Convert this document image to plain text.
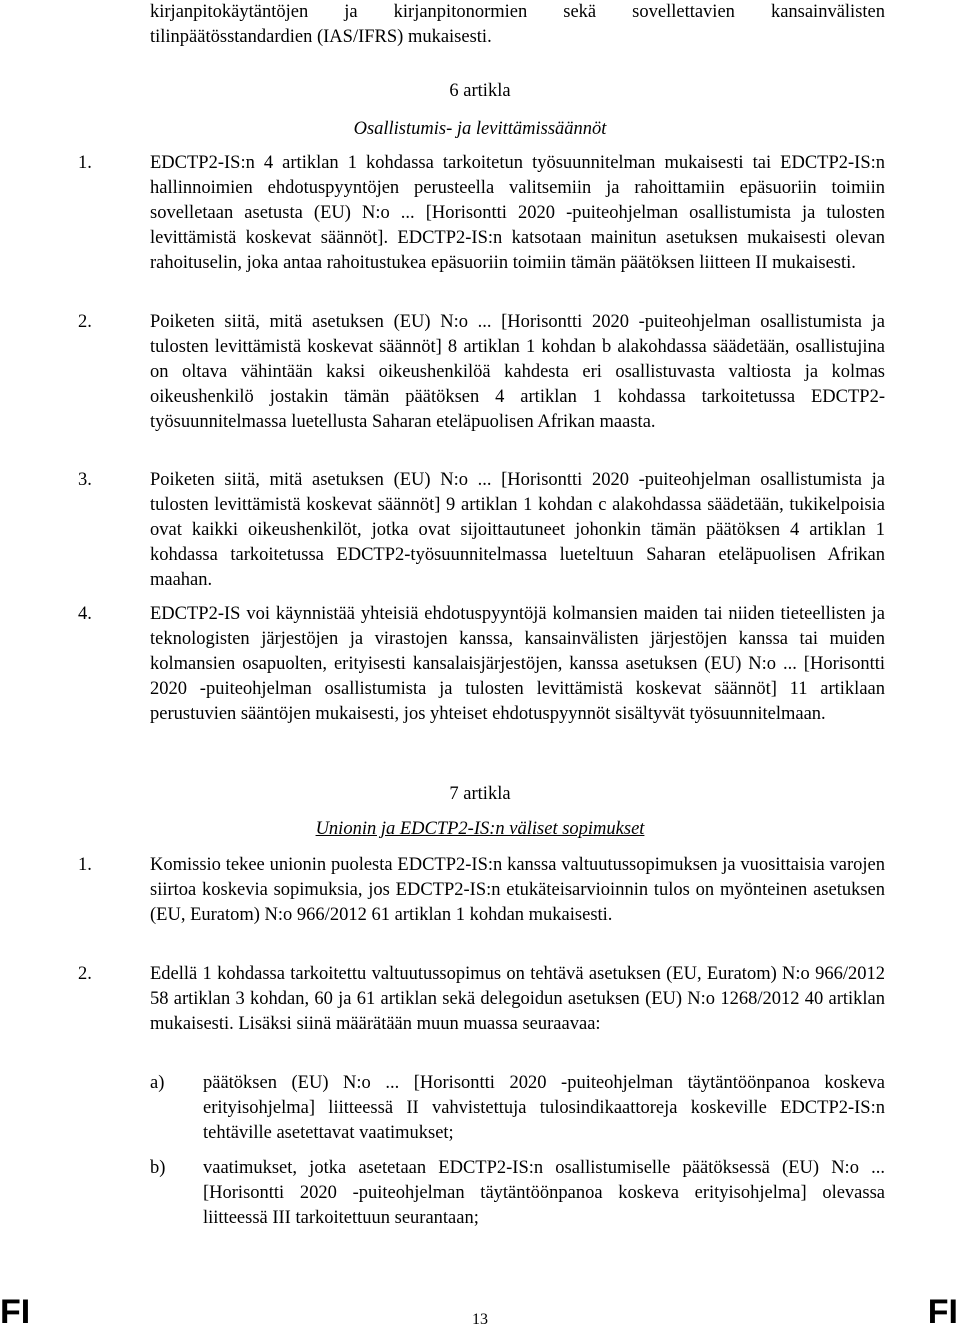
kirjanpitokäytäntöjen ja kirjanpitonormien sekä sovellettavien kansainvälisten tilinpäätösstandardien (IAS/IFRS) mukaisesti.
6 artikla
Osallistumis- ja levittämissäännöt
1.	EDCTP2-IS:n 4 artiklan 1 kohdassa tarkoitetun työsuunnitelman mukaisesti tai EDCTP2-IS:n hallinnoimien ehdotuspyyntöjen perusteella valitsemiin ja rahoittamiin epäsuoriin toimiin sovelletaan asetusta (EU) N:o ... [Horisontti 2020 -puiteohjelman osallistumista ja tulosten levittämistä koskevat säännöt]. EDCTP2-IS:n katsotaan mainitun asetuksen mukaisesti olevan rahoituselin, joka antaa rahoitustukea epäsuoriin toimiin tämän päätöksen liitteen II mukaisesti.
2.	Poiketen siitä, mitä asetuksen (EU) N:o ... [Horisontti 2020 -puiteohjelman osallistumista ja tulosten levittämistä koskevat säännöt] 8 artiklan 1 kohdan b alakohdassa säädetään, osallistujina on oltava vähintään kaksi oikeushenkilöä kahdesta eri osallistuvasta valtiosta ja kolmas oikeushenkilö jostakin tämän päätöksen 4 artiklan 1 kohdassa tarkoitetussa EDCTP2-työsuunnitelmassa luetellusta Saharan eteläpuolisen Afrikan maasta.
3.	Poiketen siitä, mitä asetuksen (EU) N:o ... [Horisontti 2020 -puiteohjelman osallistumista ja tulosten levittämistä koskevat säännöt] 9 artiklan 1 kohdan c alakohdassa säädetään, tukikelpoisia ovat kaikki oikeushenkilöt, jotka ovat sijoittautuneet johonkin tämän päätöksen 4 artiklan 1 kohdassa tarkoitetussa EDCTP2-työsuunnitelmassa lueteltuun Saharan eteläpuolisen Afrikan maahan.
4.	EDCTP2-IS voi käynnistää yhteisiä ehdotuspyyntöjä kolmansien maiden tai niiden tieteellisten ja teknologisten järjestöjen ja virastojen kanssa, kansainvälisten järjestöjen kanssa tai muiden kolmansien osapuolten, erityisesti kansalaisjärjestöjen, kanssa asetuksen (EU) N:o ... [Horisontti 2020 -puiteohjelman osallistumista ja tulosten levittämistä koskevat säännöt] 11 artiklaan perustuvien sääntöjen mukaisesti, jos yhteiset ehdotuspyynnöt sisältyvät työsuunnitelmaan.
7 artikla
Unionin ja EDCTP2-IS:n väliset sopimukset
1.	Komissio tekee unionin puolesta EDCTP2-IS:n kanssa valtuutussopimuksen ja vuosittaisia varojen siirtoa koskevia sopimuksia, jos EDCTP2-IS:n etukäteisarvioinnin tulos on myönteinen asetuksen (EU, Euratom) N:o 966/2012 61 artiklan 1 kohdan mukaisesti.
2.	Edellä 1 kohdassa tarkoitettu valtuutussopimus on tehtävä asetuksen (EU, Euratom) N:o 966/2012 58 artiklan 3 kohdan, 60 ja 61 artiklan sekä delegoidun asetuksen (EU) N:o 1268/2012 40 artiklan mukaisesti. Lisäksi siinä määrätään muun muassa seuraavaa:
a) päätöksen (EU) N:o ... [Horisontti 2020 -puiteohjelman täytäntöönpanoa koskeva erityisohjelma] liitteessä II vahvistettuja tulosindikaattoreja koskeville EDCTP2-IS:n tehtäville asetettavat vaatimukset;
b) vaatimukset, jotka asetetaan EDCTP2-IS:n osallistumiselle päätöksessä (EU) N:o ... [Horisontti 2020 -puiteohjelman täytäntöönpanoa koskeva erityisohjelma] olevassa liitteessä III tarkoitettuun seurantaan;
FI	13	FI
